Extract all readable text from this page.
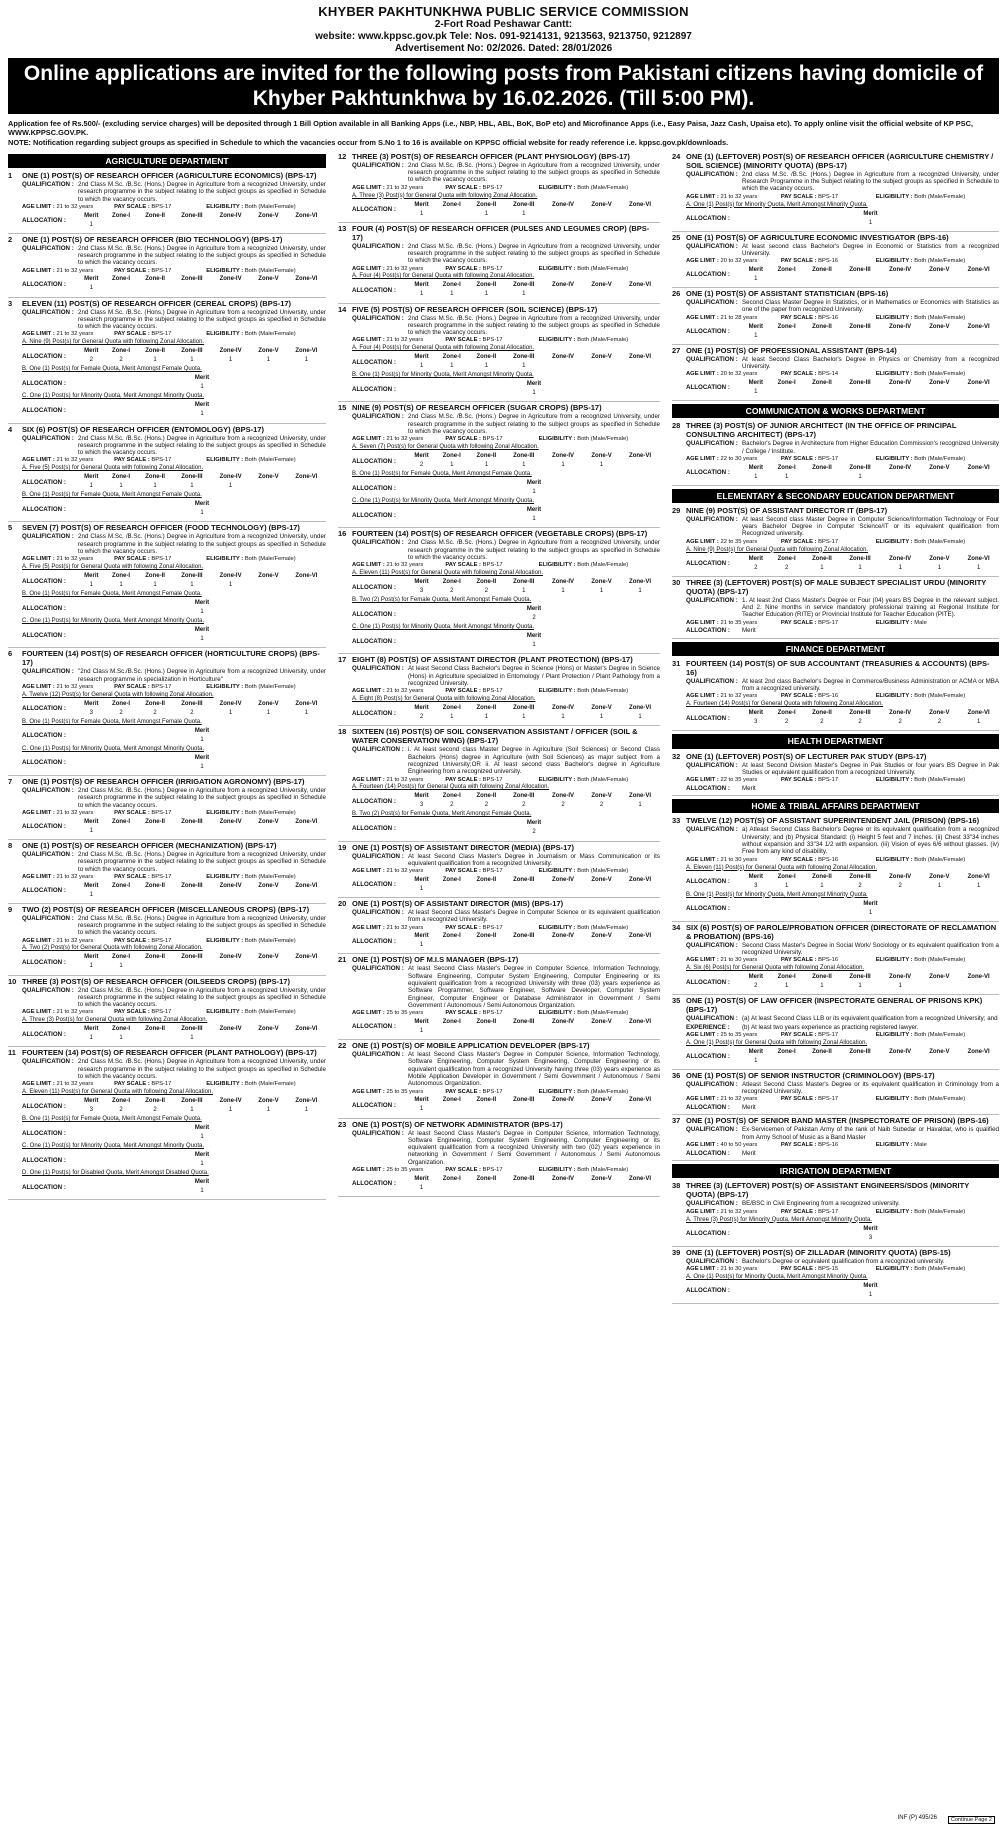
KHYBER PAKHTUNKHWA PUBLIC SERVICE COMMISSION
2-Fort Road Peshawar Cantt:
website: www.kppsc.gov.pk Tele: Nos. 091-9214131, 9213563, 9213750, 9212897
Advertisement No: 02/2026. Dated: 28/01/2026
Online applications are invited for the following posts from Pakistani citizens having domicile of Khyber Pakhtunkhwa by 16.02.2026. (Till 5:00 PM).
Application fee of Rs.500/- (excluding service charges) will be deposited through 1 Bill Option available in all Banking Apps (i.e., NBP, HBL, ABL, BoK, BoP etc) and Microfinance Apps (i.e., Easy Paisa, Jazz Cash, Upaisa etc). To apply online visit the official website of KP PSC, WWW.KPPSC.GOV.PK.
NOTE: Notification regarding subject groups as specified in Schedule to which the vacancies occur from S.No 1 to 16 is available on KPPSC official website for ready reference i.e. kppsc.gov.pk/downloads.
AGRICULTURE DEPARTMENT
1	ONE (1) POST(S) OF RESEARCH OFFICER (AGRICULTURE ECONOMICS) (BPS-17)
QUALIFICATION : 2nd Class M.Sc. /B.Sc. (Hons.) Degree in Agriculture from a recognized University, under research programme in the subject relating to the subject groups as specified in Schedule to which the vacancy occurs.
AGE LIMIT : 21 to 32 years	PAY SCALE : BPS-17	ELIGIBILITY : Both (Male/Female)
ALLOCATION :
Merit	Zone-I	Zone-II	Zone-III	Zone-IV	Zone-V	Zone-VI
1						
2	ONE (1) POST(S) OF RESEARCH OFFICER (BIO TECHNOLOGY) (BPS-17)
QUALIFICATION : 2nd Class M.Sc. /B.Sc. (Hons.) Degree in Agriculture from a recognized University, under research programme in the subject relating to the subject groups as specified in Schedule to which the vacancy occurs.
AGE LIMIT : 21 to 32 years	PAY SCALE : BPS-17	ELIGIBILITY : Both (Male/Female)
ALLOCATION :
Merit	Zone-I	Zone-II	Zone-III	Zone-IV	Zone-V	Zone-VI
1						
3	ELEVEN (11) POST(S) OF RESEARCH OFFICER (CEREAL CROPS) (BPS-17)
QUALIFICATION : 2nd Class M.Sc. /B.Sc. (Hons.) Degree in Agriculture from a recognized University, under research programme in the subject relating to the subject groups as specified in Schedule to which the vacancy occurs.
AGE LIMIT : 21 to 32 years	PAY SCALE : BPS-17	ELIGIBILITY : Both (Male/Female)
A. Nine (9) Post(s) for General Quota with following Zonal Allocation.
ALLOCATION :
Merit	Zone-I	Zone-II	Zone-III	Zone-IV	Zone-V	Zone-VI
2	2	1	1	1	1	1
B. One (1) Post(s) for Female Quota, Merit Amongst Female Quota.
ALLOCATION :
Merit
1
C. One (1) Post(s) for Minority Quota, Merit Amongst Minority Quota.
ALLOCATION :
Merit
1
4	SIX (6) POST(S) OF RESEARCH OFFICER (ENTOMOLOGY) (BPS-17)
QUALIFICATION : 2nd Class M.Sc. /B.Sc. (Hons.) Degree in Agriculture from a recognized University, under research programme in the subject relating to the subject groups as specified in Schedule to which the vacancy occurs.
AGE LIMIT : 21 to 32 years	PAY SCALE : BPS-17	ELIGIBILITY : Both (Male/Female)
A. Five (5) Post(s) for General Quota with following Zonal Allocation.
ALLOCATION :
Merit	Zone-I	Zone-II	Zone-III	Zone-IV	Zone-V	Zone-VI
1	1	1	1	1		
B. One (1) Post(s) for Female Quota, Merit Amongst Female Quota.
ALLOCATION :
Merit
1
5	SEVEN (7) POST(S) OF RESEARCH OFFICER (FOOD TECHNOLOGY) (BPS-17)
QUALIFICATION : 2nd Class M.Sc. /B.Sc. (Hons.) Degree in Agriculture from a recognized University, under research programme in the subject relating to the subject groups as specified in Schedule to which the vacancy occurs.
AGE LIMIT : 21 to 32 years	PAY SCALE : BPS-17	ELIGIBILITY : Both (Male/Female)
A. Five (5) Post(s) for General Quota with following Zonal Allocation.
ALLOCATION :
Merit	Zone-I	Zone-II	Zone-III	Zone-IV	Zone-V	Zone-VI
1	1	1	1	1		
B. One (1) Post(s) for Female Quota, Merit Amongst Female Quota.
ALLOCATION :
Merit
1
C. One (1) Post(s) for Minority Quota, Merit Amongst Minority Quota.
ALLOCATION :
Merit
1
6	FOURTEEN (14) POST(S) OF RESEARCH OFFICER (HORTICULTURE CROPS) (BPS-17)
QUALIFICATION : "2nd Class M.Sc./B.Sc. (Hons.) Degree in Agriculture from a recognized University, under research programme in specialization in Horticulture"
AGE LIMIT : 21 to 32 years	PAY SCALE : BPS-17	ELIGIBILITY : Both (Male/Female)
A. Twelve (12) Post(s) for General Quota with following Zonal Allocation.
ALLOCATION :
Merit	Zone-I	Zone-II	Zone-III	Zone-IV	Zone-V	Zone-VI
3	2	2	2	1	1	1
B. One (1) Post(s) for Female Quota, Merit Amongst Female Quota.
ALLOCATION :
Merit
1
C. One (1) Post(s) for Minority Quota, Merit Amongst Minority Quota.
ALLOCATION :
Merit
1
7	ONE (1) POST(S) OF RESEARCH OFFICER (IRRIGATION AGRONOMY) (BPS-17)
QUALIFICATION : 2nd Class M.Sc. /B.Sc. (Hons.) Degree in Agriculture from a recognized University, under research programme in the subject relating to the subject groups as specified in Schedule to which the vacancy occurs.
AGE LIMIT : 21 to 32 years	PAY SCALE : BPS-17	ELIGIBILITY : Both (Male/Female)
ALLOCATION :
Merit	Zone-I	Zone-II	Zone-III	Zone-IV	Zone-V	Zone-VI
1						
8	ONE (1) POST(S) OF RESEARCH OFFICER (MECHANIZATION) (BPS-17)
QUALIFICATION : 2nd Class M.Sc. /B.Sc. (Hons.) Degree in Agriculture from a recognized University, under research programme in the subject relating to the subject groups as specified in Schedule to which the vacancy occurs.
AGE LIMIT : 21 to 32 years	PAY SCALE : BPS-17	ELIGIBILITY : Both (Male/Female)
ALLOCATION :
Merit	Zone-I	Zone-II	Zone-III	Zone-IV	Zone-V	Zone-VI
1						
9	TWO (2) POST(S) OF RESEARCH OFFICER (MISCELLANEOUS CROPS) (BPS-17)
QUALIFICATION : 2nd Class M.Sc. /B.Sc. (Hons.) Degree in Agriculture from a recognized University, under research programme in the subject relating to the subject groups as specified in Schedule to which the vacancy occurs.
AGE LIMIT : 21 to 32 years	PAY SCALE : BPS-17	ELIGIBILITY : Both (Male/Female)
A. Two (2) Post(s) for General Quota with following Zonal Allocation.
ALLOCATION :
Merit	Zone-I	Zone-II	Zone-III	Zone-IV	Zone-V	Zone-VI
1	1					
10 THREE (3) POST(S) OF RESEARCH OFFICER (OILSEEDS CROPS) (BPS-17)
QUALIFICATION : 2nd Class M.Sc. /B.Sc. (Hons.) Degree in Agriculture from a recognized University, under research programme in the subject relating to the subject groups as specified in Schedule to which the vacancy occurs.
AGE LIMIT : 21 to 32 years	PAY SCALE : BPS-17	ELIGIBILITY : Both (Male/Female)
A. Three (3) Post(s) for General Quota with following Zonal Allocation.
ALLOCATION :
Merit	Zone-I	Zone-II	Zone-III	Zone-IV	Zone-V	Zone-VI
1	1		1			
11 FOURTEEN (14) POST(S) OF RESEARCH OFFICER (PLANT PATHOLOGY) (BPS-17)
QUALIFICATION : 2nd Class M.Sc. /B.Sc. (Hons.) Degree in Agriculture from a recognized University, under research programme in the subject relating to the subject groups as specified in Schedule to which the vacancy occurs.
AGE LIMIT : 21 to 32 years	PAY SCALE : BPS-17	ELIGIBILITY : Both (Male/Female)
A. Eleven (11) Post(s) for General Quota with following Zonal Allocation.
ALLOCATION :
Merit	Zone-I	Zone-II	Zone-III	Zone-IV	Zone-V	Zone-VI
3	2	2	1	1	1	1
B. One (1) Post(s) for Female Quota, Merit Amongst Female Quota.
ALLOCATION :
Merit
1
C. One (1) Post(s) for Minority Quota, Merit Amongst Minority Quota.
ALLOCATION :
Merit
1
D. One (1) Post(s) for Disabled Quota, Merit Amongst Disabled Quota.
ALLOCATION :
Merit
1
12 THREE (3) POST(S) OF RESEARCH OFFICER (PLANT PHYSIOLOGY) (BPS-17)
QUALIFICATION : 2nd Class M.Sc. /B.Sc. (Hons.) Degree in Agriculture from a recognized University, under research programme in the subject relating to the subject groups as specified in Schedule to which the vacancy occurs.
AGE LIMIT : 21 to 32 years	PAY SCALE : BPS-17	ELIGIBILITY : Both (Male/Female)
A. Three (3) Post(s) for General Quota with following Zonal Allocation.
ALLOCATION :
Merit	Zone-I	Zone-II	Zone-III	Zone-IV	Zone-V	Zone-VI
1		1	1			
13 FOUR (4) POST(S) OF RESEARCH OFFICER (PULSES AND LEGUMES CROP) (BPS-17)
QUALIFICATION : 2nd Class M.Sc. /B.Sc. (Hons.) Degree in Agriculture from a recognized University, under research programme in the subject relating to the subject groups as specified in Schedule to which the vacancy occurs.
AGE LIMIT : 21 to 32 years	PAY SCALE : BPS-17	ELIGIBILITY : Both (Male/Female)
A. Four (4) Post(s) for General Quota with following Zonal Allocation.
ALLOCATION :
Merit	Zone-I	Zone-II	Zone-III	Zone-IV	Zone-V	Zone-VI
1	1	1	1			
14 FIVE (5) POST(S) OF RESEARCH OFFICER (SOIL SCIENCE) (BPS-17)
QUALIFICATION : 2nd Class M.Sc. /B.Sc. (Hons.) Degree in Agriculture from a recognized University, under research programme in the subject relating to the subject groups as specified in Schedule to which the vacancy occurs.
AGE LIMIT : 21 to 32 years	PAY SCALE : BPS-17	ELIGIBILITY : Both (Male/Female)
A. Four (4) Post(s) for General Quota with following Zonal Allocation.
ALLOCATION :
Merit	Zone-I	Zone-II	Zone-III	Zone-IV	Zone-V	Zone-VI
1	1	1	1			
B. One (1) Post(s) for Minority Quota, Merit Amongst Minority Quota.
ALLOCATION :
Merit
1
15 NINE (9) POST(S) OF RESEARCH OFFICER (SUGAR CROPS) (BPS-17)
QUALIFICATION : 2nd Class M.Sc. /B.Sc. (Hons.) Degree in Agriculture from a recognized University, under research programme in the subject relating to the subject groups as specified in Schedule to which the vacancy occurs.
AGE LIMIT : 21 to 32 years	PAY SCALE : BPS-17	ELIGIBILITY : Both (Male/Female)
A. Seven (7) Post(s) for General Quota with following Zonal Allocation.
ALLOCATION :
Merit	Zone-I	Zone-II	Zone-III	Zone-IV	Zone-V	Zone-VI
2	1	1	1	1	1	
B. One (1) Post(s) for Female Quota, Merit Amongst Female Quota.
ALLOCATION :
Merit
1
C. One (1) Post(s) for Minority Quota, Merit Amongst Minority Quota.
ALLOCATION :
Merit
1
16 FOURTEEN (14) POST(S) OF RESEARCH OFFICER (VEGETABLE CROPS) (BPS-17)
QUALIFICATION : 2nd Class M.Sc. /B.Sc. (Hons.) Degree in Agriculture from a recognized University, under research programme in the subject relating to the subject groups as specified in Schedule to which the vacancy occurs.
AGE LIMIT : 21 to 32 years	PAY SCALE : BPS-17	ELIGIBILITY : Both (Male/Female)
A. Eleven (11) Post(s) for General Quota with following Zonal Allocation.
ALLOCATION :
Merit	Zone-I	Zone-II	Zone-III	Zone-IV	Zone-V	Zone-VI
3	2	2	1	1	1	1
B. Two (2) Post(s) for Female Quota, Merit Amongst Female Quota.
ALLOCATION :
Merit
2
C. One (1) Post(s) for Minority Quota, Merit Amongst Minority Quota.
ALLOCATION :
Merit
1
17 EIGHT (8) POST(S) OF ASSISTANT DIRECTOR (PLANT PROTECTION) (BPS-17)
QUALIFICATION : At least Second Class Bachelor's Degree in Science (Hons) or Master's Degree in Science (Hons) in Agriculture specialized in Entomology / Plant Protection / Plant Pathology from a recognized University.
AGE LIMIT : 21 to 32 years	PAY SCALE : BPS-17	ELIGIBILITY : Both (Male/Female)
A. Eight (8) Post(s) for General Quota with following Zonal Allocation.
ALLOCATION :
Merit	Zone-I	Zone-II	Zone-III	Zone-IV	Zone-V	Zone-VI
2	1	1	1	1	1	1
18 SIXTEEN (16) POST(S) OF SOIL CONSERVATION ASSISTANT / OFFICER (SOIL & WATER CONSERVATION WING) (BPS-17)
QUALIFICATION : i. At least second class Master Degree in Agriculture (Soil Sciences) or Second Class Bachelors (Hons) degree in Agriculture (with Soil Sciences) as major subject from a recognized University;OR ii. At least second class Bachelor's degree in Agriculture Engineering from a recognized university.
AGE LIMIT : 21 to 32 years	PAY SCALE : BPS-17	ELIGIBILITY : Both (Male/Female)
A. Fourteen (14) Post(s) for General Quota with following Zonal Allocation.
ALLOCATION :
Merit	Zone-I	Zone-II	Zone-III	Zone-IV	Zone-V	Zone-VI
3	2	2	2	2	2	1
B. Two (2) Post(s) for Female Quota, Merit Amongst Female Quota.
ALLOCATION :
Merit
2
19 ONE (1) POST(S) OF ASSISTANT DIRECTOR (MEDIA) (BPS-17)
QUALIFICATION : At least Second Class Master's Degree in Journalism or Mass Communication or its equivalent qualification from a recognized University.
AGE LIMIT : 21 to 32 years	PAY SCALE : BPS-17	ELIGIBILITY : Both (Male/Female)
ALLOCATION :
Merit	Zone-I	Zone-II	Zone-III	Zone-IV	Zone-V	Zone-VI
1						
20 ONE (1) POST(S) OF ASSISTANT DIRECTOR (MIS) (BPS-17)
QUALIFICATION : At least Second Class Master's Degree in Computer Science or its equivalent qualification from a recognized University.
AGE LIMIT : 21 to 32 years	PAY SCALE : BPS-17	ELIGIBILITY : Both (Male/Female)
ALLOCATION :
Merit	Zone-I	Zone-II	Zone-III	Zone-IV	Zone-V	Zone-VI
1						
21 ONE (1) POST(S) OF M.I.S MANAGER (BPS-17)
QUALIFICATION : At least Second Class Master's Degree in Computer Science, Information Technology, Software Engineering, Computer System Engineering, Computer Engineering or its equivalent qualification from a recognized University with three (03) years experience as Software Programmer, Software Engineer, Software Developer, Computer System Engineer, Computer Engineer or Database Administrator in Government / Semi Government / Autonomous / Semi Autonomous Organization.
AGE LIMIT : 25 to 35 years	PAY SCALE : BPS-17	ELIGIBILITY : Both (Male/Female)
ALLOCATION :
Merit	Zone-I	Zone-II	Zone-III	Zone-IV	Zone-V	Zone-VI
1						
22 ONE (1) POST(S) OF MOBILE APPLICATION DEVELOPER (BPS-17)
QUALIFICATION : At least Second Class Master's Degree in Computer Science, Information Technology, Software Engineering, Computer System Engineering, Computer Engineering or its equivalent qualification from a recognized University having three (03) years experience as Mobile Application Developer in Government / Semi Government / Autonomous / Semi Autonomous Organization.
AGE LIMIT : 25 to 35 years	PAY SCALE : BPS-17	ELIGIBILITY : Both (Male/Female)
ALLOCATION :
Merit	Zone-I	Zone-II	Zone-III	Zone-IV	Zone-V	Zone-VI
1						
23 ONE (1) POST(S) OF NETWORK ADMINISTRATOR (BPS-17)
QUALIFICATION : At least Second Class Master's Degree in Computer Science, Information Technology, Software Engineering, Computer System Engineering, Computer Engineering or its equivalent qualification from a recognized University with two (02) years experience in networking in Government / Semi Government / Autonomous / Semi Autonomous Organization.
AGE LIMIT : 25 to 35 years	PAY SCALE : BPS-17	ELIGIBILITY : Both (Male/Female)
ALLOCATION :
Merit	Zone-I	Zone-II	Zone-III	Zone-IV	Zone-V	Zone-VI
1						
24 ONE (1) (LEFTOVER) POST(S) OF RESEARCH OFFICER (AGRICULTURE CHEMISTRY / SOIL SCIENCE) (MINORITY QUOTA) (BPS-17)
QUALIFICATION : 2nd class M.Sc. /B.Sc. (Hons.) Degree in Agriculture from a recognized University, under Research Programme in the Subject relating to the subject groups as specified in Schedule to which the vacancy occurs.
AGE LIMIT : 21 to 32 years	PAY SCALE : BPS-17	ELIGIBILITY : Both (Male/Female)
A. One (1) Post(s) for Minority Quota, Merit Amongst Minority Quota.
ALLOCATION :
Merit
1
25 ONE (1) POST(S) OF AGRICULTURE ECONOMIC INVESTIGATOR (BPS-16)
QUALIFICATION : At least second class Bachelor's Degree in Economic or Statistics from a recognized University.
AGE LIMIT : 20 to 32 years	PAY SCALE : BPS-16	ELIGIBILITY : Both (Male/Female)
ALLOCATION :
Merit	Zone-I	Zone-II	Zone-III	Zone-IV	Zone-V	Zone-VI
1						
26 ONE (1) POST(S) OF ASSISTANT STATISTICIAN (BPS-16)
QUALIFICATION : Second Class Master Degree in Statistics, or in Mathematics or Economics with Statistics as one of the paper from recognized University.
AGE LIMIT : 21 to 28 years	PAY SCALE : BPS-16	ELIGIBILITY : Both (Male/Female)
ALLOCATION :
Merit	Zone-I	Zone-II	Zone-III	Zone-IV	Zone-V	Zone-VI
1						
27 ONE (1) POST(S) OF PROFESSIONAL ASSISTANT (BPS-14)
QUALIFICATION : At least Second Class Bachelor's Degree in Physics or Chemistry from a recognized University.
AGE LIMIT : 20 to 32 years	PAY SCALE : BPS-14	ELIGIBILITY : Both (Male/Female)
ALLOCATION :
Merit	Zone-I	Zone-II	Zone-III	Zone-IV	Zone-V	Zone-VI
1						
COMMUNICATION & WORKS DEPARTMENT
28 THREE (3) POST(S) OF JUNIOR ARCHITECT (IN THE OFFICE OF PRINCIPAL CONSULTING ARCHITECT) (BPS-17)
QUALIFICATION : Bachelor's Degree in Architecture from Higher Education Commission's recognized University / College / Institute.
AGE LIMIT : 22 to 30 years	PAY SCALE : BPS-17	ELIGIBILITY : Both (Male/Female)
ALLOCATION :
Merit	Zone-I	Zone-II	Zone-III	Zone-IV	Zone-V	Zone-VI
1	1		1			
ELEMENTARY & SECONDARY EDUCATION DEPARTMENT
29 NINE (9) POST(S) OF ASSISTANT DIRECTOR IT (BPS-17)
QUALIFICATION : At least Second class Master Degree in Computer Science/Information Technology or Four years Bachelor Degree in Computer Science/IT or its equivalent qualification from Recognized university.
AGE LIMIT : 22 to 35 years	PAY SCALE : BPS-17	ELIGIBILITY : Both (Male/Female)
A. Nine (9) Post(s) for General Quota with following Zonal Allocation.
ALLOCATION :
Merit	Zone-I	Zone-II	Zone-III	Zone-IV	Zone-V	Zone-VI
2	2	1	1	1	1	1
30 THREE (3) (LEFTOVER) POST(S) OF MALE SUBJECT SPECIALIST URDU (MINORITY QUOTA) (BPS-17)
QUALIFICATION : 1. At least 2nd Class Master's Degree or Four (04) years BS Degree in the relevant subject. And 2. Nine months in service mandatory professional training at Regional Institute for Teacher Education (RITE) or Provincial Institute for Teacher Education (PITE).
AGE LIMIT : 21 to 35 years	PAY SCALE : BPS-17	ELIGIBILITY : Male
ALLOCATION :	Merit
FINANCE DEPARTMENT
31 FOURTEEN (14) POST(S) OF SUB ACCOUNTANT (TREASURIES & ACCOUNTS) (BPS-16)
QUALIFICATION : At least 2nd class Bachelor's Degree in Commerce/Business Administration or ACMA or MBA from a recognized university.
AGE LIMIT : 21 to 32 years	PAY SCALE : BPS-16	ELIGIBILITY : Both (Male/Female)
A. Fourteen (14) Post(s) for General Quota with following Zonal Allocation.
ALLOCATION :
Merit	Zone-I	Zone-II	Zone-III	Zone-IV	Zone-V	Zone-VI
3	2	2	2	2	2	1
HEALTH DEPARTMENT
32 ONE (1) (LEFTOVER) POST(S) OF LECTURER PAK STUDY (BPS-17)
QUALIFICATION : At least Second Division Master's Degree in Pak Studies or four years BS Degree in Pak Studies or equivalent qualification from a recognized University.
AGE LIMIT : 22 to 35 years	PAY SCALE : BPS-17	ELIGIBILITY : Both (Male/Female)
ALLOCATION :	Merit
HOME & TRIBAL AFFAIRS DEPARTMENT
33 TWELVE (12) POST(S) OF ASSISTANT SUPERINTENDENT JAIL (PRISON) (BPS-16)
QUALIFICATION : a) Atleast Second Class Bachelor's Degree or its equivalent qualification from a recognized University; and (b) Physical Standard: (i) Height 5 feet and 7 inches. (ii) Chest 33"34 inches without expansion and 33"34 1/2 with expansion. (iii) Vision of eyes 6/6 without glasses. (iv) Free from any kind of disability.
AGE LIMIT : 21 to 30 years	PAY SCALE : BPS-16	ELIGIBILITY : Both (Male/Female)
A. Eleven (11) Post(s) for General Quota with following Zonal Allocation.
ALLOCATION :
Merit	Zone-I	Zone-II	Zone-III	Zone-IV	Zone-V	Zone-VI
3	1	1	2	2	1	1
B. One (1) Post(s) for Minority Quota, Merit Amongst Minority Quota.
ALLOCATION :
Merit
1
34 SIX (6) POST(S) OF PAROLE/PROBATION OFFICER (DIRECTORATE OF RECLAMATION & PROBATION) (BPS-16)
QUALIFICATION : Second Class Master's Degree in Social Work/ Sociology or its equivalent qualification from a recognized University.
AGE LIMIT : 21 to 30 years	PAY SCALE : BPS-16	ELIGIBILITY : Both (Male/Female)
A. Six (6) Post(s) for General Quota with following Zonal Allocation.
ALLOCATION :
Merit	Zone-I	Zone-II	Zone-III	Zone-IV	Zone-V	Zone-VI
2	1	1	1	1		
35 ONE (1) POST(S) OF LAW OFFICER (INSPECTORATE GENERAL OF PRISONS KPK) (BPS-17)
QUALIFICATION : (a) At least Second Class LLB or its equivalent qualification from a recognized University; and
EXPERIENCE :	(b) At least two years experience as practicing registered lawyer.
AGE LIMIT : 25 to 35 years	PAY SCALE : BPS-17	ELIGIBILITY : Both (Male/Female)
A. One (1) Post(s) for General Quota with following Zonal Allocation.
ALLOCATION :
Merit	Zone-I	Zone-II	Zone-III	Zone-IV	Zone-V	Zone-VI
1						
36 ONE (1) POST(S) OF SENIOR INSTRUCTOR (CRIMINOLOGY) (BPS-17)
QUALIFICATION : Atleast Second Class Master's Degree or its equivalent qualification in Criminology from a recognized University.
AGE LIMIT : 21 to 32 years	PAY SCALE : BPS-17	ELIGIBILITY : Both (Male/Female)
ALLOCATION :	Merit
37 ONE (1) POST(S) OF SENIOR BAND MASTER (INSPECTORATE OF PRISON) (BPS-16)
QUALIFICATION : Ex-Servicemen of Pakistan Army of the rank of Naib Subedar or Havaldar, who is qualified from Army School of Music as a Band Master
AGE LIMIT : 40 to 50 years	PAY SCALE : BPS-16	ELIGIBILITY : Male
ALLOCATION :	Merit
IRRIGATION DEPARTMENT
38 THREE (3) (LEFTOVER) POST(S) OF ASSISTANT ENGINEERS/SDOS (MINORITY QUOTA) (BPS-17)
QUALIFICATION : BE/BSC in Civil Engineering from a recognized university.
AGE LIMIT : 21 to 32 years	PAY SCALE : BPS-17	ELIGIBILITY : Both (Male/Female)
A. Three (3) Post(s) for Minority Quota, Merit Amongst Minority Quota.
ALLOCATION :
Merit
3
39 ONE (1) (LEFTOVER) POST(S) OF ZILLADAR (MINORITY QUOTA) (BPS-15)
QUALIFICATION : Bachelor's Degree or equivalent qualification from a recognized university.
AGE LIMIT : 21 to 30 years	PAY SCALE : BPS-15	ELIGIBILITY : Both (Male/Female)
A. One (1) Post(s) for Minority Quota, Merit Amongst Minority Quota.
ALLOCATION :
Merit
1
Continue Page 2
INF (P) 495/26
